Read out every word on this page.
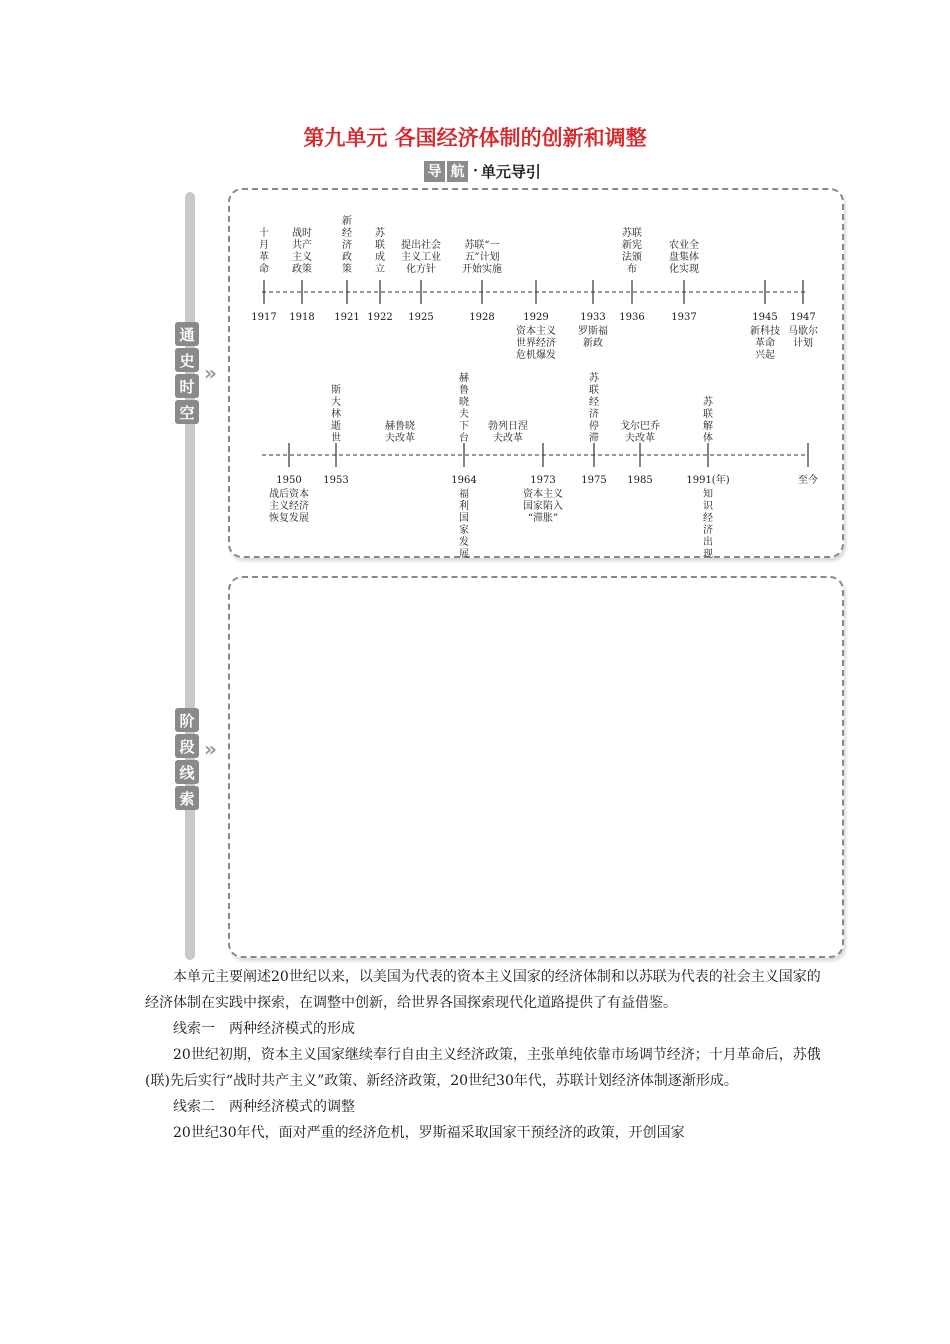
第九单元 各国经济体制的创新和调整
导 航 · 单元导引
通
史
时
空
»
阶
段
线
索
»
1917 1918 1921 1922 1925	1928	1929	1933 1936	1937	1945 1947
十
月
革
命
战时
共产
主义
政策
新
经
济
政
策
苏
联
成
立
提出社会
主义工业
化方针
苏联“一
五”计划
开始实施
苏联
新宪
法颁
布
农业全
盘集体
化实现
资本主义
世界经济
危机爆发
罗斯福
新政
新科技
革命
兴起
马歇尔
计划
1950 1953	1964	1973	1975 1985	1991(年)	至今
斯
大
林
逝
世
赫鲁晓
夫改革
赫
鲁
晓
夫
下
台
勃列日涅
夫改革
苏
联
经
济
停
滞
戈尔巴乔
夫改革
苏
联
解
体
战后资本
主义经济
恢复发展
福
利
国
家
发
展
资本主义
国家陷入
“滞胀”
知
识
经
济
出
现

本单元主要阐述20世纪以来，以美国为代表的资本主义国家的经济体制和以苏联为代表的社会主义国家的经济体制在实践中探索，在调整中创新，给世界各国探索现代化道路提供了有益借鉴。

线索一　两种经济模式的形成

20世纪初期，资本主义国家继续奉行自由主义经济政策，主张单纯依靠市场调节经济；十月革命后，苏俄(联)先后实行“战时共产主义”政策、新经济政策，20世纪30年代，苏联计划经济体制逐渐形成。

线索二　两种经济模式的调整

20世纪30年代，面对严重的经济危机，罗斯福采取国家干预经济的政策，开创国家
